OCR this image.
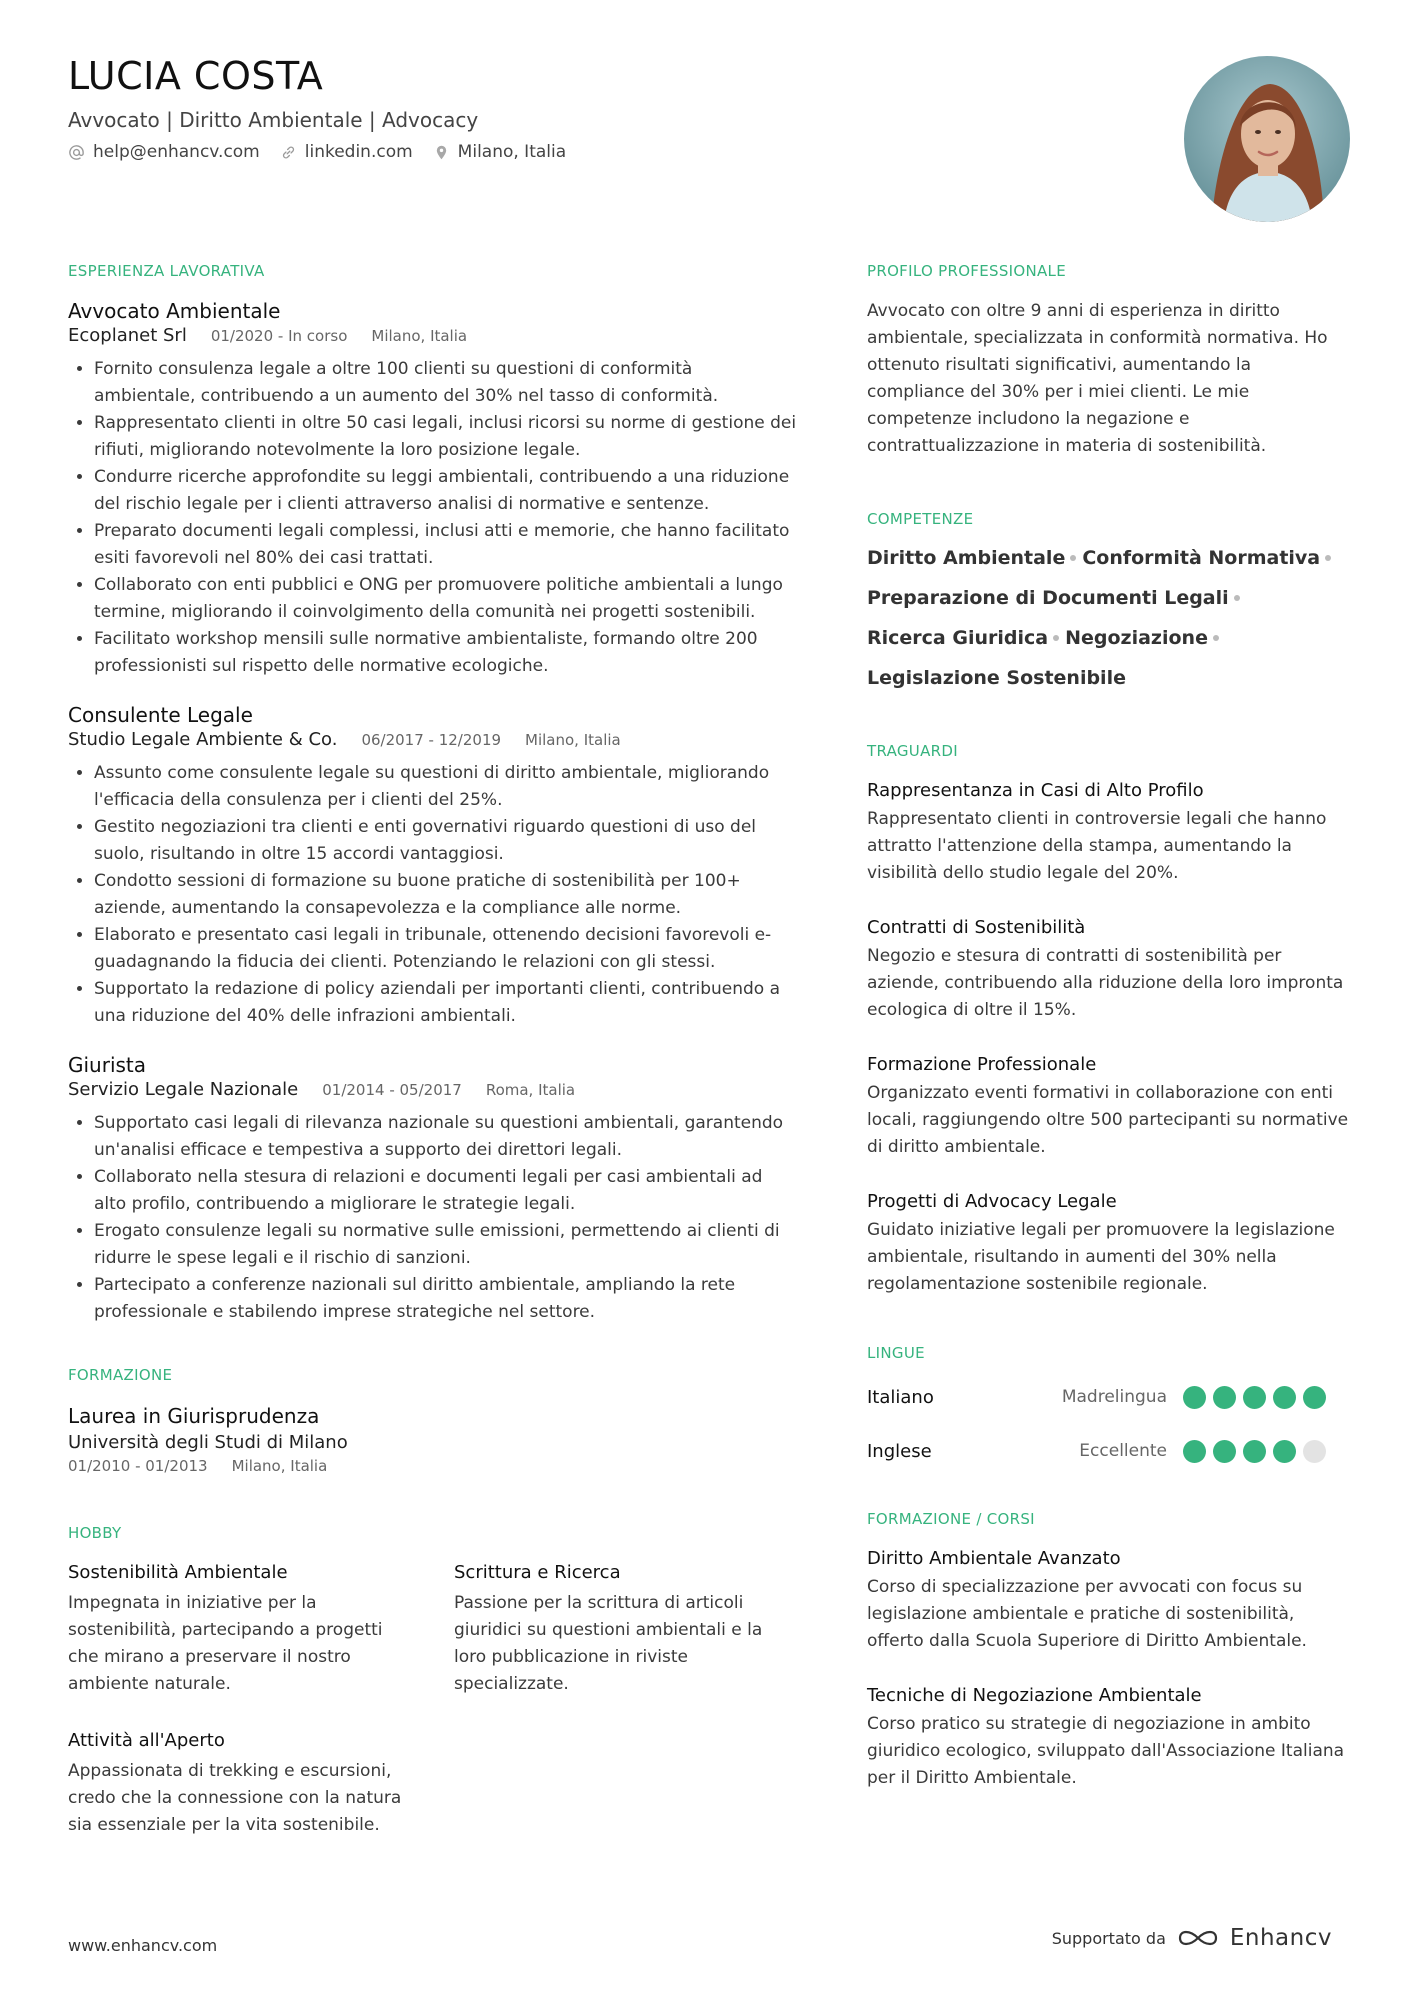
LUCIA COSTA
Avvocato | Diritto Ambientale | Advocacy
help@enhancv.com	linkedin.com	Milano, Italia
ESPERIENZA LAVORATIVA
Avvocato Ambientale
Ecoplanet Srl 01/2020 - In corso Milano, Italia
• Fornito consulenza legale a oltre 100 clienti su questioni di conformità ambientale, contribuendo a un aumento del 30% nel tasso di conformità.
• Rappresentato clienti in oltre 50 casi legali, inclusi ricorsi su norme di gestione dei rifiuti, migliorando notevolmente la loro posizione legale.
• Condurre ricerche approfondite su leggi ambientali, contribuendo a una riduzione del rischio legale per i clienti attraverso analisi di normative e sentenze.
• Preparato documenti legali complessi, inclusi atti e memorie, che hanno facilitato esiti favorevoli nel 80% dei casi trattati.
• Collaborato con enti pubblici e ONG per promuovere politiche ambientali a lungo termine, migliorando il coinvolgimento della comunità nei progetti sostenibili.
• Facilitato workshop mensili sulle normative ambientaliste, formando oltre 200 professionisti sul rispetto delle normative ecologiche.
Consulente Legale
Studio Legale Ambiente & Co. 06/2017 - 12/2019 Milano, Italia
• Assunto come consulente legale su questioni di diritto ambientale, migliorando l'efficacia della consulenza per i clienti del 25%.
• Gestito negoziazioni tra clienti e enti governativi riguardo questioni di uso del suolo, risultando in oltre 15 accordi vantaggiosi.
• Condotto sessioni di formazione su buone pratiche di sostenibilità per 100+ aziende, aumentando la consapevolezza e la compliance alle norme.
• Elaborato e presentato casi legali in tribunale, ottenendo decisioni favorevoli e-guadagnando la fiducia dei clienti. Potenziando le relazioni con gli stessi.
• Supportato la redazione di policy aziendali per importanti clienti, contribuendo a una riduzione del 40% delle infrazioni ambientali.
Giurista
Servizio Legale Nazionale 01/2014 - 05/2017 Roma, Italia
• Supportato casi legali di rilevanza nazionale su questioni ambientali, garantendo un'analisi efficace e tempestiva a supporto dei direttori legali.
• Collaborato nella stesura di relazioni e documenti legali per casi ambientali ad alto profilo, contribuendo a migliorare le strategie legali.
• Erogato consulenze legali su normative sulle emissioni, permettendo ai clienti di ridurre le spese legali e il rischio di sanzioni.
• Partecipato a conferenze nazionali sul diritto ambientale, ampliando la rete professionale e stabilendo imprese strategiche nel settore.
FORMAZIONE
Laurea in Giurisprudenza
Università degli Studi di Milano
01/2010 - 01/2013 Milano, Italia
HOBBY
Sostenibilità Ambientale
Impegnata in iniziative per la sostenibilità, partecipando a progetti che mirano a preservare il nostro ambiente naturale.
Scrittura e Ricerca
Passione per la scrittura di articoli giuridici su questioni ambientali e la loro pubblicazione in riviste specializzate.
Attività all'Aperto
Appassionata di trekking e escursioni, credo che la connessione con la natura sia essenziale per la vita sostenibile.
PROFILO PROFESSIONALE

Avvocato con oltre 9 anni di esperienza in diritto ambientale, specializzata in conformità normativa. Ho ottenuto risultati significativi, aumentando la compliance del 30% per i miei clienti. Le mie competenze includono la negazione e contrattualizzazione in materia di sostenibilità.

COMPETENZE
Diritto Ambientale Conformità Normativa
Preparazione di Documenti Legali
Ricerca Giuridica Negoziazione
Legislazione Sostenibile
TRAGUARDI
Rappresentanza in Casi di Alto Profilo
Rappresentato clienti in controversie legali che hanno attratto l'attenzione della stampa, aumentando la visibilità dello studio legale del 20%.
Contratti di Sostenibilità
Negozio e stesura di contratti di sostenibilità per aziende, contribuendo alla riduzione della loro impronta ecologica di oltre il 15%.
Formazione Professionale
Organizzato eventi formativi in collaborazione con enti locali, raggiungendo oltre 500 partecipanti su normative di diritto ambientale.
Progetti di Advocacy Legale
Guidato iniziative legali per promuovere la legislazione ambientale, risultando in aumenti del 30% nella regolamentazione sostenibile regionale.
LINGUE
Italiano	Madrelingua
Inglese	Eccellente
FORMAZIONE / CORSI
Diritto Ambientale Avanzato
Corso di specializzazione per avvocati con focus su legislazione ambientale e pratiche di sostenibilità, offerto dalla Scuola Superiore di Diritto Ambientale.
Tecniche di Negoziazione Ambientale
Corso pratico su strategie di negoziazione in ambito giuridico ecologico, sviluppato dall'Associazione Italiana per il Diritto Ambientale.
www.enhancv.com	Supportato da	Enhancv
